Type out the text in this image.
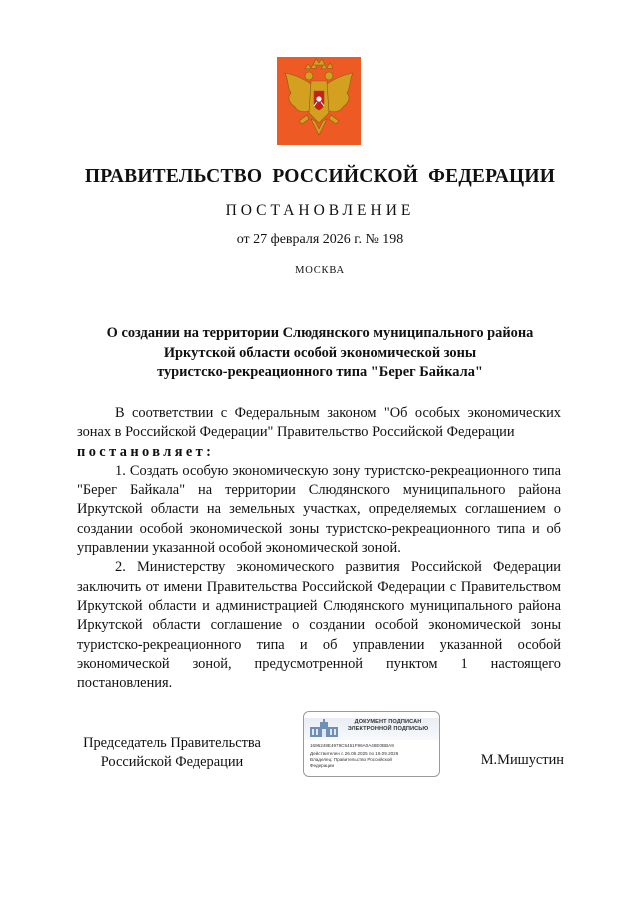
ПРАВИТЕЛЬСТВО РОССИЙСКОЙ ФЕДЕРАЦИИ
ПОСТАНОВЛЕНИЕ
от 27 февраля 2026 г. № 198
МОСКВА
О создании на территории Слюдянского муниципального района
Иркутской области особой экономической зоны
туристско-рекреационного типа "Берег Байкала"

В соответствии с Федеральным законом "Об особых экономических зонах в Российской Федерации" Правительство Российской Федерации

постановляет:

1. Создать особую экономическую зону туристско-рекреационного типа "Берег Байкала" на территории Слюдянского муниципального района Иркутской области на земельных участках, определяемых соглашением о создании особой экономической зоны туристско-рекреационного типа и об управлении указанной особой экономической зоной.

2. Министерству экономического развития Российской Федерации заключить от имени Правительства Российской Федерации с Правительством Иркутской области и администрацией Слюдянского муниципального района Иркутской области соглашение о создании особой экономической зоны туристско-рекреационного типа и об управлении указанной особой экономической зоной, предусмотренной пунктом 1 настоящего постановления.

Председатель Правительства
Российской Федерации
ДОКУМЕНТ ПОДПИСАН
ЭЛЕКТРОННОЙ ПОДПИСЬЮ
1696248E4979C5451F96A0A48E0BBA9
Действителен с 26.06.2025 по 19.09.2026
Владелец: Правительство Российской
Федерации	М.Мишустин
